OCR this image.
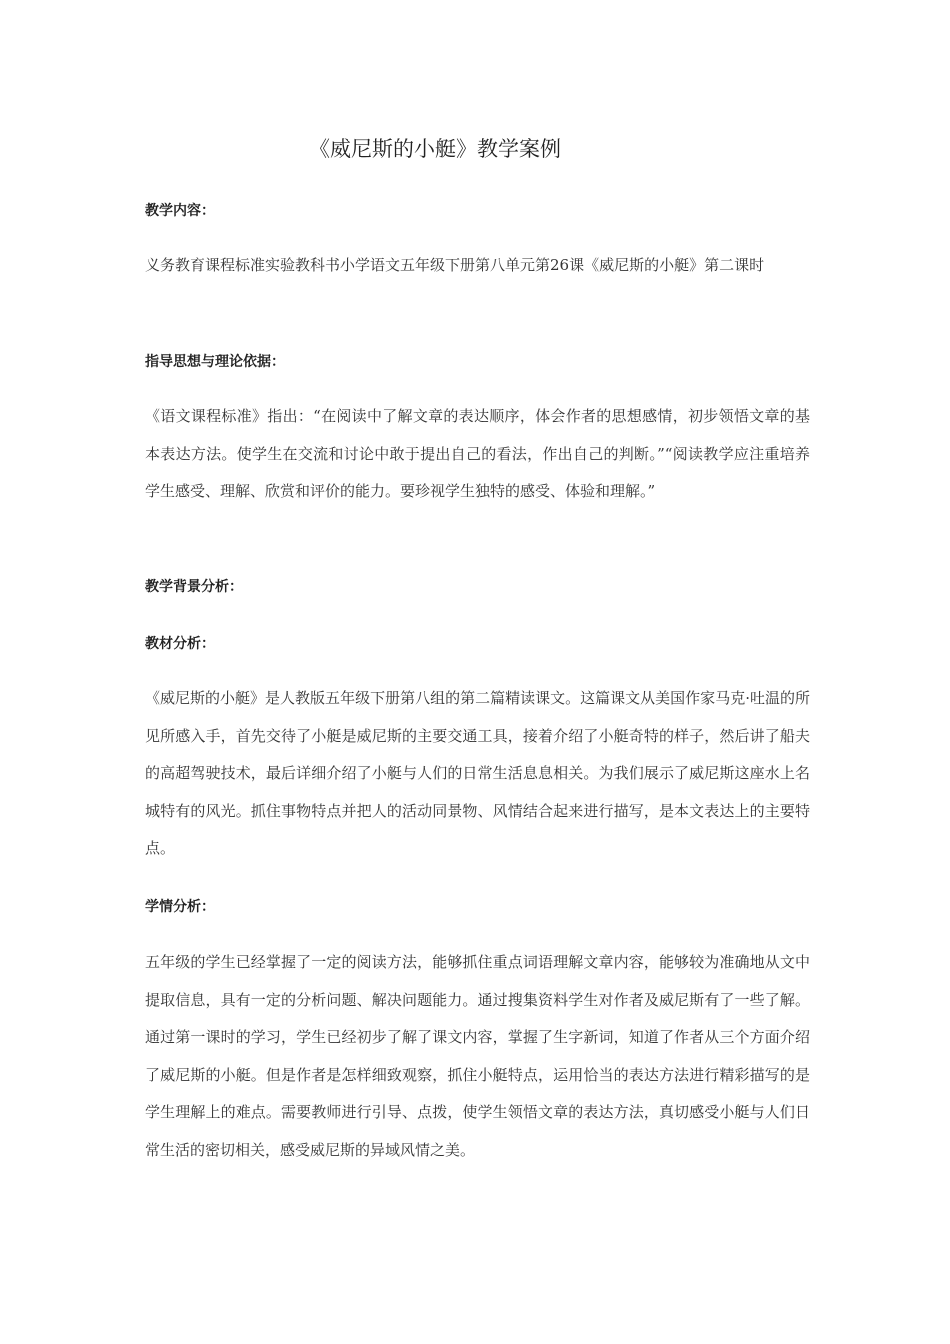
《威尼斯的小艇》教学案例
教学内容：

义务教育课程标准实验教科书小学语文五年级下册第八单元第26课《威尼斯的小艇》第二课时

指导思想与理论依据：

《语文课程标准》指出：“在阅读中了解文章的表达顺序，体会作者的思想感情，初步领悟文章的基本表达方法。使学生在交流和讨论中敢于提出自己的看法，作出自己的判断。”“阅读教学应注重培养学生感受、理解、欣赏和评价的能力。要珍视学生独特的感受、体验和理解。”

教学背景分析：
教材分析：

《威尼斯的小艇》是人教版五年级下册第八组的第二篇精读课文。这篇课文从美国作家马克·吐温的所见所感入手，首先交待了小艇是威尼斯的主要交通工具，接着介绍了小艇奇特的样子，然后讲了船夫的高超驾驶技术，最后详细介绍了小艇与人们的日常生活息息相关。为我们展示了威尼斯这座水上名城特有的风光。抓住事物特点并把人的活动同景物、风情结合起来进行描写，是本文表达上的主要特点。

学情分析：

五年级的学生已经掌握了一定的阅读方法，能够抓住重点词语理解文章内容，能够较为准确地从文中提取信息，具有一定的分析问题、解决问题能力。通过搜集资料学生对作者及威尼斯有了一些了解。通过第一课时的学习，学生已经初步了解了课文内容，掌握了生字新词，知道了作者从三个方面介绍了威尼斯的小艇。但是作者是怎样细致观察，抓住小艇特点，运用恰当的表达方法进行精彩描写的是学生理解上的难点。需要教师进行引导、点拨，使学生领悟文章的表达方法，真切感受小艇与人们日常生活的密切相关，感受威尼斯的异域风情之美。
